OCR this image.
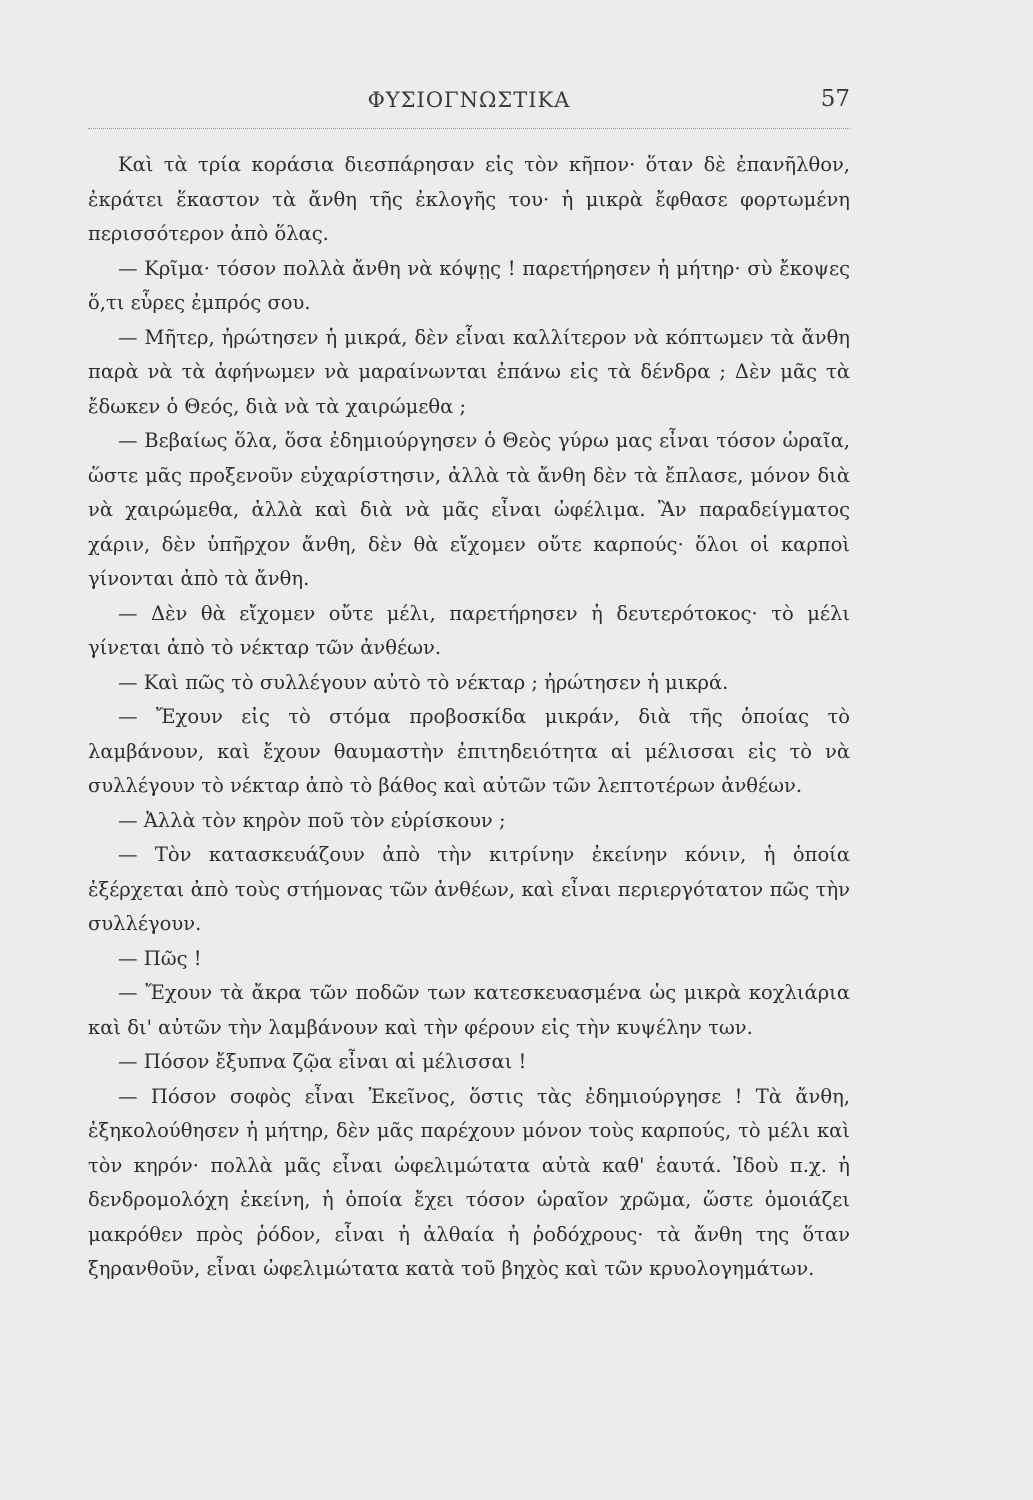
ΦΥΣΙΟΓΝΩΣΤΙΚΑ	57

Καὶ τὰ τρία κοράσια διεσπάρησαν εἰς τὸν κῆπον· ὅταν δὲ ἐπανῆλθον, ἐκράτει ἕκαστον τὰ ἄνθη τῆς ἐκλογῆς του· ἡ μικρὰ ἔφθασε φορτωμένη περισσότερον ἀπὸ ὅλας.

— Κρῖμα· τόσον πολλὰ ἄνθη νὰ κόψῃς ! παρετήρησεν ἡ μήτηρ· σὺ ἔκοψες ὅ,τι εὗρες ἐμπρός σου.

— Μῆτερ, ἠρώτησεν ἡ μικρά, δὲν εἶναι καλλίτερον νὰ κόπτωμεν τὰ ἄνθη παρὰ νὰ τὰ ἀφήνωμεν νὰ μαραίνωνται ἐπάνω εἰς τὰ δένδρα ; Δὲν μᾶς τὰ ἔδωκεν ὁ Θεός, διὰ νὰ τὰ χαιρώμεθα ;

— Βεβαίως ὅλα, ὅσα ἐδημιούργησεν ὁ Θεὸς γύρω μας εἶναι τόσον ὡραῖα, ὥστε μᾶς προξενοῦν εὐχαρίστησιν, ἀλλὰ τὰ ἄνθη δὲν τὰ ἔπλασε, μόνον διὰ νὰ χαιρώμεθα, ἀλλὰ καὶ διὰ νὰ μᾶς εἶναι ὠφέλιμα. Ἂν παραδείγματος χάριν, δὲν ὑπῆρχον ἄνθη, δὲν θὰ εἴχομεν οὔτε καρπούς· ὅλοι οἱ καρποὶ γίνονται ἀπὸ τὰ ἄνθη.

— Δὲν θὰ εἴχομεν οὔτε μέλι, παρετήρησεν ἡ δευτερότοκος· τὸ μέλι γίνεται ἀπὸ τὸ νέκταρ τῶν ἀνθέων.

— Καὶ πῶς τὸ συλλέγουν αὐτὸ τὸ νέκταρ ; ἠρώτησεν ἡ μικρά.

— Ἔχουν εἰς τὸ στόμα προβοσκίδα μικράν, διὰ τῆς ὁποίας τὸ λαμβάνουν, καὶ ἔχουν θαυμαστὴν ἐπιτηδειότητα αἱ μέλισσαι εἰς τὸ νὰ συλλέγουν τὸ νέκταρ ἀπὸ τὸ βάθος καὶ αὐτῶν τῶν λεπτοτέρων ἀνθέων.

— Ἀλλὰ τὸν κηρὸν ποῦ τὸν εὑρίσκουν ;

— Τὸν κατασκευάζουν ἀπὸ τὴν κιτρίνην ἐκείνην κόνιν, ἡ ὁποία ἐξέρχεται ἀπὸ τοὺς στήμονας τῶν ἀνθέων, καὶ εἶναι περιεργότατον πῶς τὴν συλλέγουν.

— Πῶς !

— Ἔχουν τὰ ἄκρα τῶν ποδῶν των κατεσκευασμένα ὡς μικρὰ κοχλιάρια καὶ δι' αὐτῶν τὴν λαμβάνουν καὶ τὴν φέρουν εἰς τὴν κυψέλην των.

— Πόσον ἔξυπνα ζῷα εἶναι αἱ μέλισσαι !

— Πόσον σοφὸς εἶναι Ἐκεῖνος, ὅστις τὰς ἐδημιούργησε ! Τὰ ἄνθη, ἐξηκολούθησεν ἡ μήτηρ, δὲν μᾶς παρέχουν μόνον τοὺς καρπούς, τὸ μέλι καὶ τὸν κηρόν· πολλὰ μᾶς εἶναι ὠφελιμώτατα αὐτὰ καθ' ἑαυτά. Ἰδοὺ π.χ. ἡ δενδρομολόχη ἐκείνη, ἡ ὁποία ἔχει τόσον ὡραῖον χρῶμα, ὥστε ὁμοιάζει μακρόθεν πρὸς ῥόδον, εἶναι ἡ ἀλθαία ἡ ῥοδόχρους· τὰ ἄνθη της ὅταν ξηρανθοῦν, εἶναι ὠφελιμώτατα κατὰ τοῦ βηχὸς καὶ τῶν κρυολογημάτων.
